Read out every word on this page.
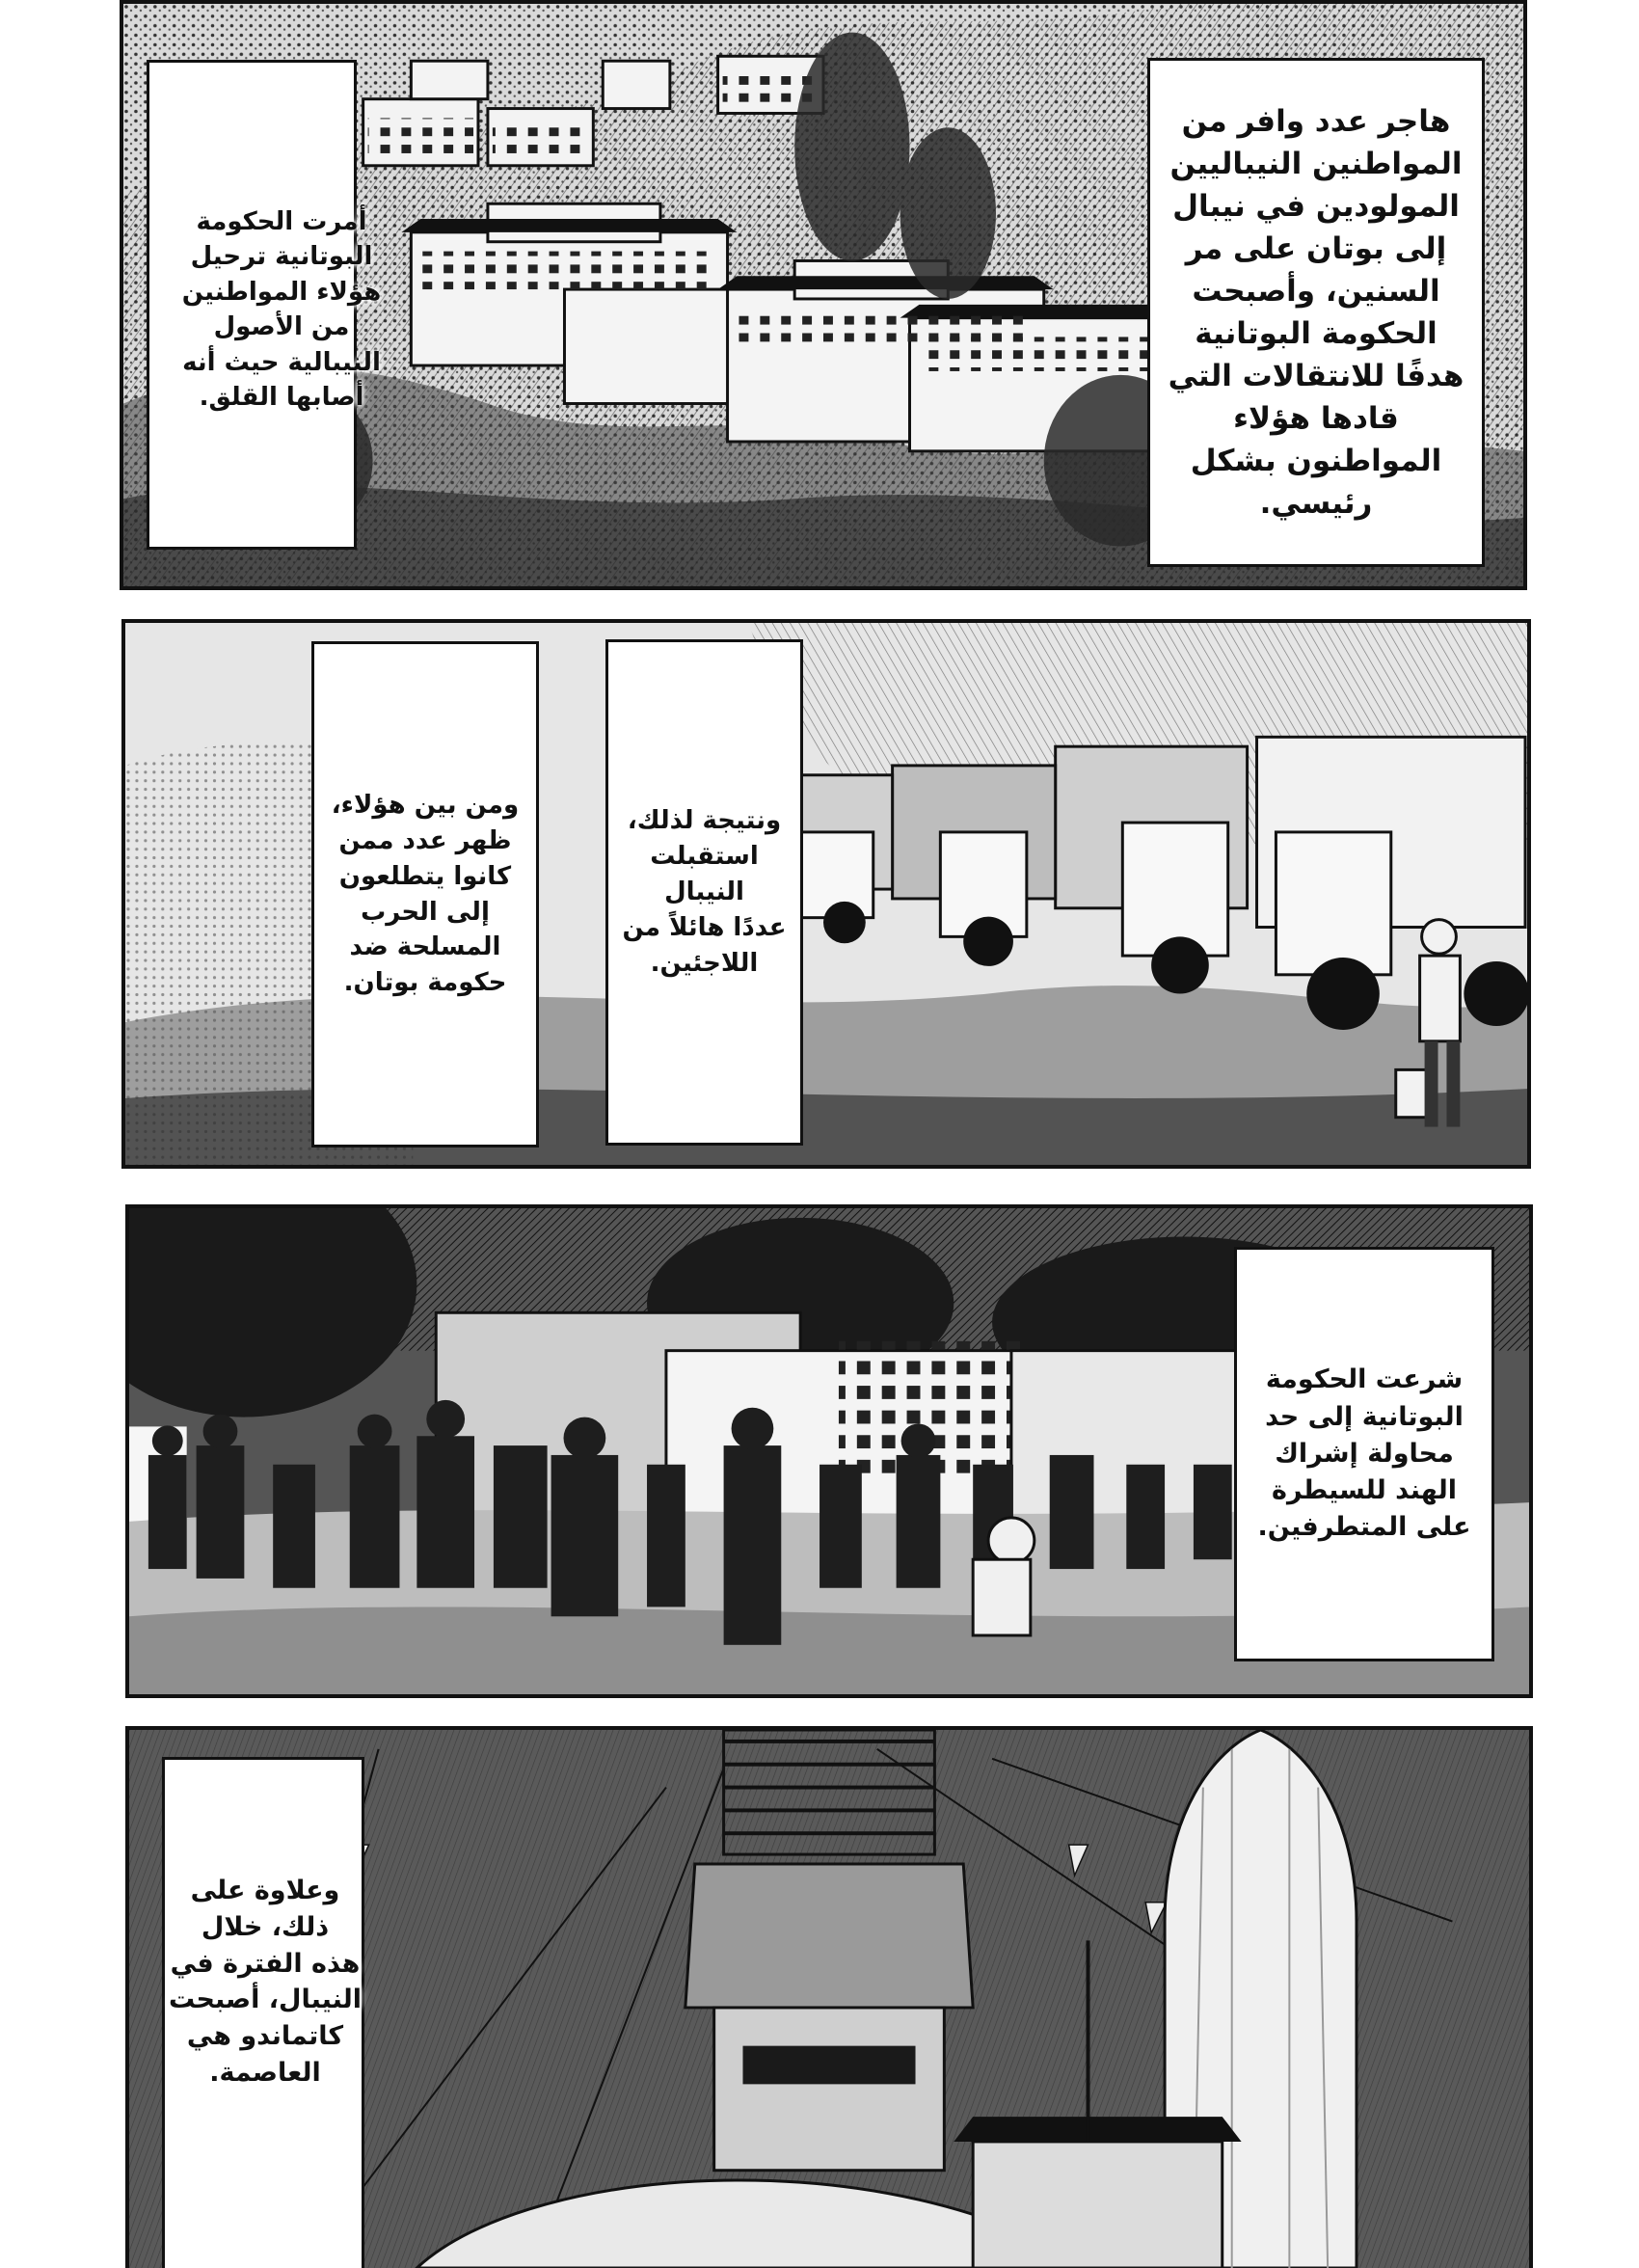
هاجر عدد وافر من
المواطنين النيباليين
المولودين في نيبال
إلى بوتان على مر
السنين، وأصبحت
الحكومة البوتانية
هدفًا للانتقالات التي
قادها هؤلاء
المواطنون بشكل
رئيسي.

أمرت الحكومة
البوتانية ترحيل
هؤلاء المواطنين
من الأصول
النيبالية حيث أنه
أصابها القلق.

ومن بين هؤلاء،
ظهر عدد ممن
كانوا يتطلعون
إلى الحرب
المسلحة ضد
حكومة بوتان.

ونتيجة لذلك،
استقبلت النيبال
عددًا هائلاً من
اللاجئين.

شرعت الحكومة
البوتانية إلى حد
محاولة إشراك
الهند للسيطرة
على المتطرفين.

وعلاوة على
ذلك، خلال
هذه الفترة في
النيبال، أصبحت
كاتماندو هي
العاصمة.
